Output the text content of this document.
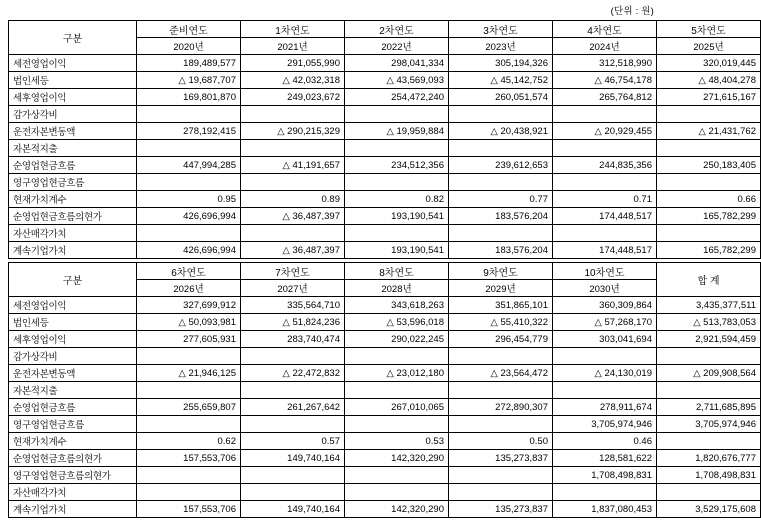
(단위 : 원)
구분	준비연도	1차연도	2차연도	3차연도	4차연도	5차연도
	2020년	2021년	2022년	2023년	2024년	2025년
세전영업이익	189,489,577	291,055,990	298,041,334	305,194,326	312,518,990	320,019,445
법인세등	△ 19,687,707	△ 42,032,318	△ 43,569,093	△ 45,142,752	△ 46,754,178	△ 48,404,278
세후영업이익	169,801,870	249,023,672	254,472,240	260,051,574	265,764,812	271,615,167
감가상각비						
운전자본변동액	278,192,415	△ 290,215,329	△ 19,959,884	△ 20,438,921	△ 20,929,455	△ 21,431,762
자본적지출						
순영업현금흐름	447,994,285	△ 41,191,657	234,512,356	239,612,653	244,835,356	250,183,405
영구영업현금흐름						
현재가치계수	0.95	0.89	0.82	0.77	0.71	0.66
순영업현금흐름의현가	426,696,994	△ 36,487,397	193,190,541	183,576,204	174,448,517	165,782,299
자산매각가치						
계속기업가치	426,696,994	△ 36,487,397	193,190,541	183,576,204	174,448,517	165,782,299
구분	6차연도	7차연도	8차연도	9차연도	10차연도	합 계
	2026년	2027년	2028년	2029년	2030년	
세전영업이익	327,699,912	335,564,710	343,618,263	351,865,101	360,309,864	3,435,377,511
법인세등	△ 50,093,981	△ 51,824,236	△ 53,596,018	△ 55,410,322	△ 57,268,170	△ 513,783,053
세후영업이익	277,605,931	283,740,474	290,022,245	296,454,779	303,041,694	2,921,594,459
감가상각비						
운전자본변동액	△ 21,946,125	△ 22,472,832	△ 23,012,180	△ 23,564,472	△ 24,130,019	△ 209,908,564
자본적지출						
순영업현금흐름	255,659,807	261,267,642	267,010,065	272,890,307	278,911,674	2,711,685,895
영구영업현금흐름					3,705,974,946	3,705,974,946
현재가치계수	0.62	0.57	0.53	0.50	0.46	
순영업현금흐름의현가	157,553,706	149,740,164	142,320,290	135,273,837	128,581,622	1,820,676,777
영구영업현금흐름의현가					1,708,498,831	1,708,498,831
자산매각가치						
계속기업가치	157,553,706	149,740,164	142,320,290	135,273,837	1,837,080,453	3,529,175,608
